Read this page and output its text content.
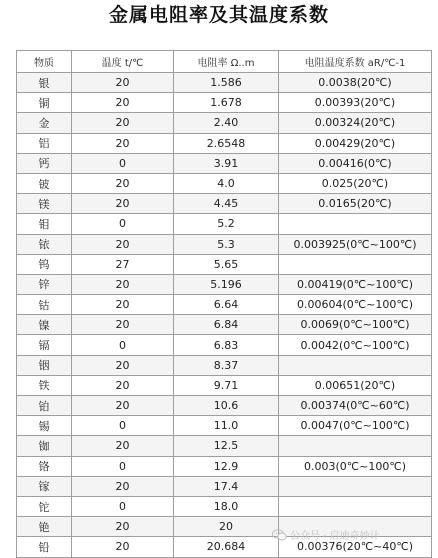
金属电阻率及其温度系数
物质	温度 t/℃	电阻率 Ω..m	电阻温度系数 aR/℃-1
银	20	1.586	0.0038(20℃)
铜	20	1.678	0.00393(20℃)
金	20	2.40	0.00324(20℃)
铝	20	2.6548	0.00429(20℃)
钙	0	3.91	0.00416(0℃)
铍	20	4.0	0.025(20℃)
镁	20	4.45	0.0165(20℃)
钼	0	5.2	
铱	20	5.3	0.003925(0℃~100℃)
钨	27	5.65	
锌	20	5.196	0.00419(0℃~100℃)
钴	20	6.64	0.00604(0℃~100℃)
镍	20	6.84	0.0069(0℃~100℃)
镉	0	6.83	0.0042(0℃~100℃)
铟	20	8.37	
铁	20	9.71	0.00651(20℃)
铂	20	10.6	0.00374(0℃~60℃)
锡	0	11.0	0.0047(0℃~100℃)
铷	20	12.5	
铬	0	12.9	0.003(0℃~100℃)
镓	20	17.4	
铊	0	18.0	
铯	20	20	
铅	20	20.684	0.00376(20℃~40℃)
公众号 · 启迪奇妙计
